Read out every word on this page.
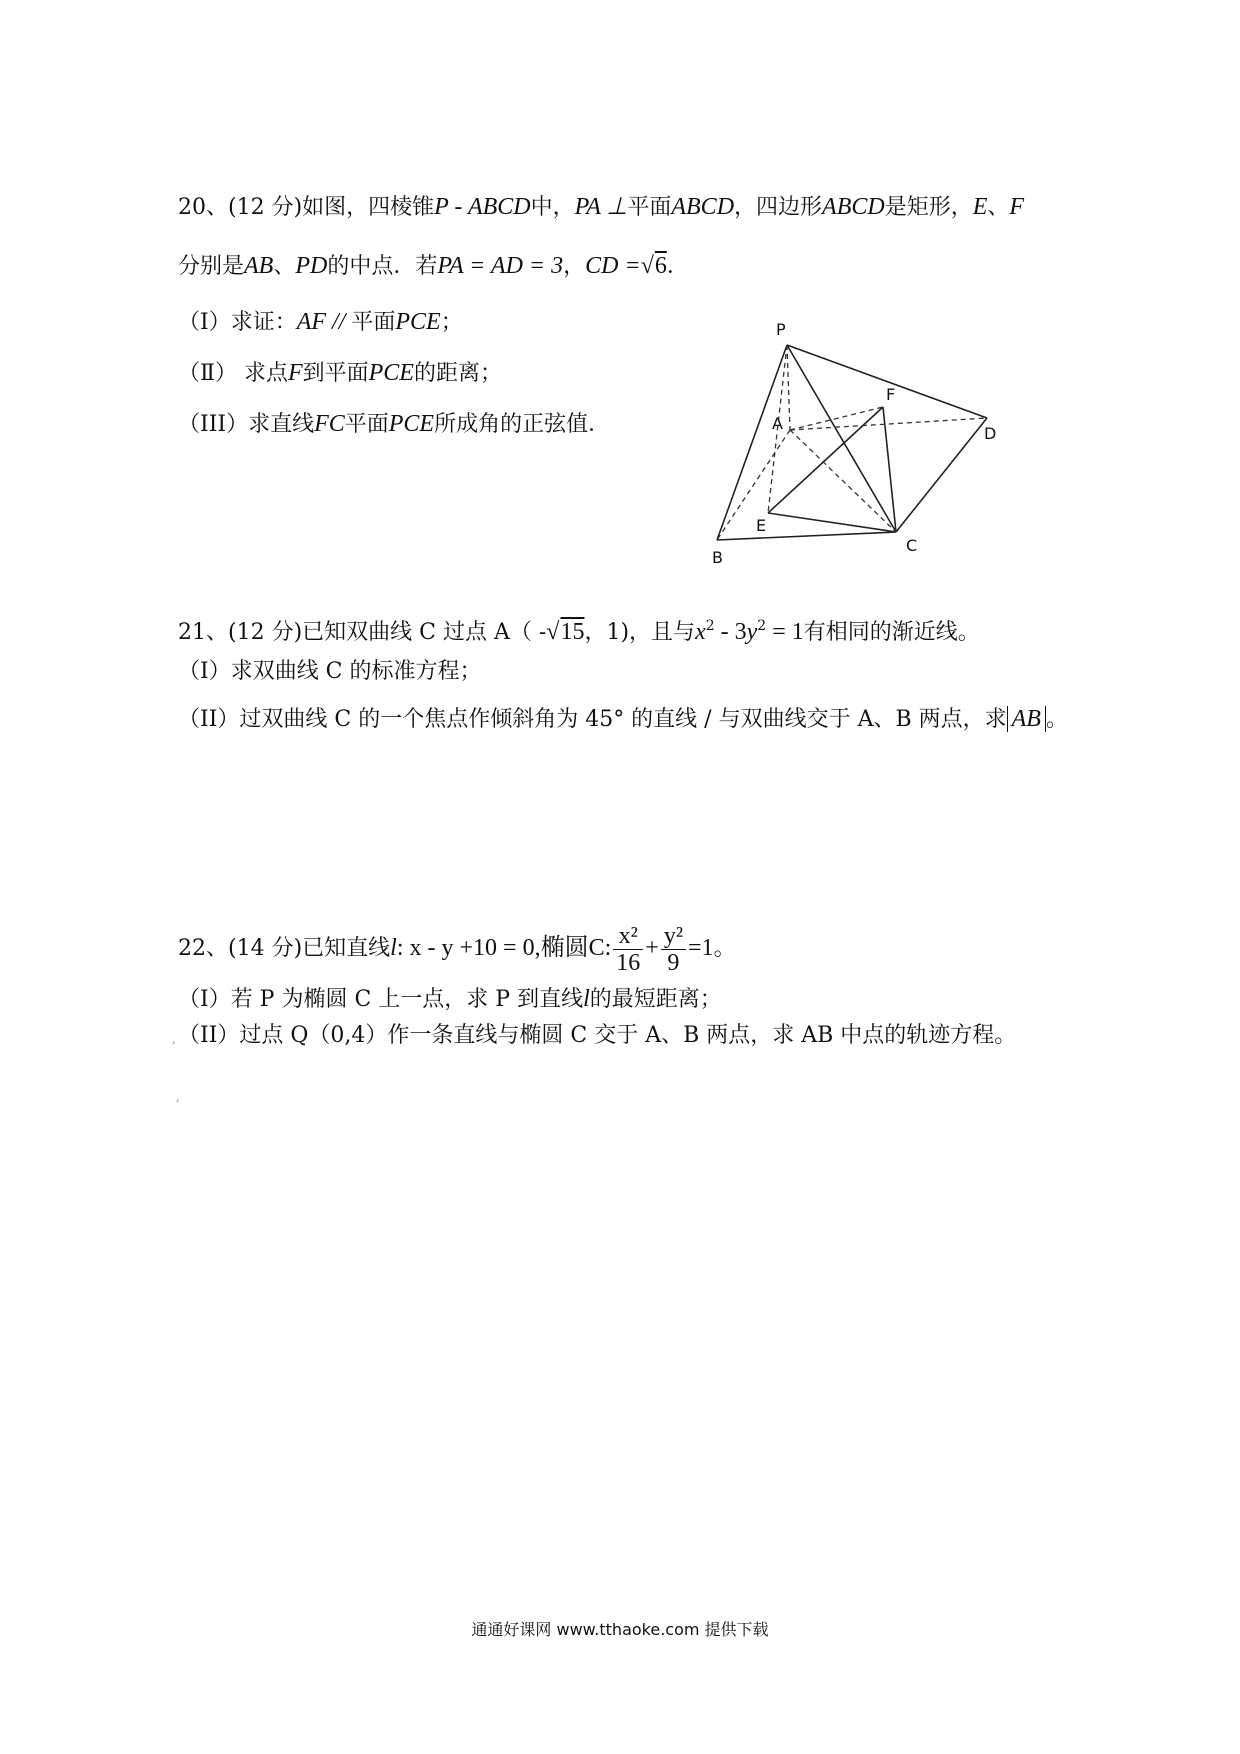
20、(12 分)如图，四棱锥P - ABCD中，PA ⊥平面ABCD，四边形ABCD是矩形，E、F
分别是AB、PD的中点．若PA = AD = 3，CD =√6．
（Ⅰ）求证：AF // 平面PCE；
（Ⅱ） 求点F到平面PCE的距离；
（III）求直线FC平面PCE所成角的正弦值．
P
F
A
D
E
B
C
21、(12 分)已知双曲线 C 过点 A（ -√15，1)，且与$x^2 - 3y^2 = 1$有相同的渐近线。
（Ⅰ）求双曲线 C 的标准方程；
（II）过双曲线 C 的一个焦点作倾斜角为 45° 的直线 / 与双曲线交于 A、B 两点，求 AB 。
22、(14 分)已知直线l: x - y +10 = 0,椭圆C: $\frac{\text{x²}}{16} + \frac{\text{y²}}{9} =1$。
（Ⅰ）若 P 为椭圆 C 上一点，求 P 到直线l的最短距离；
（II）过点 Q（0,4）作一条直线与椭圆 C 交于 A、B 两点，求 AB 中点的轨迹方程。
,
,
通通好课网 www.tthaoke.com 提供下载
